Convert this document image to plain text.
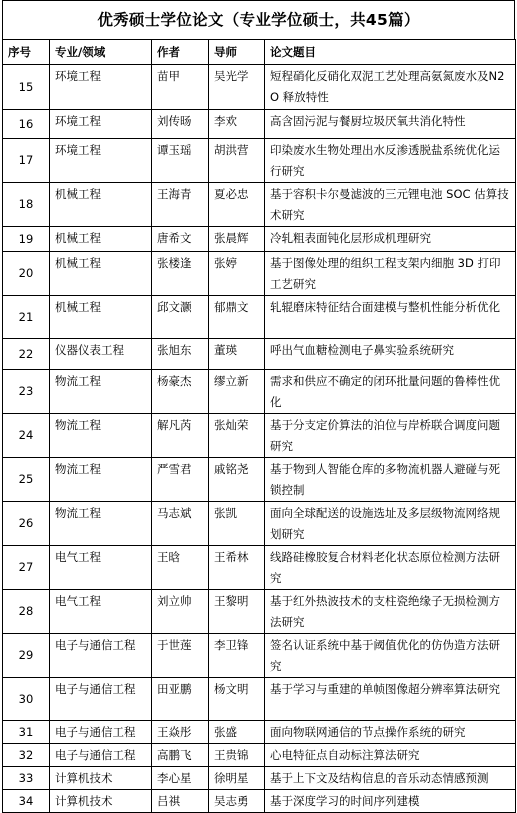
优秀硕士学位论文（专业学位硕士，共45篇）
序号	专业/领域	作者	导师	论文题目
15	环境工程	苗甲	吴光学	短程硝化反硝化双泥工艺处理高氨氮废水及N2O 释放特性
16	环境工程	刘传旸	李欢	高含固污泥与餐厨垃圾厌氧共消化特性
17	环境工程	谭玉瑶	胡洪营	印染废水生物处理出水反渗透脱盐系统优化运行研究
18	机械工程	王海青	夏必忠	基于容积卡尔曼滤波的三元锂电池 SOC 估算技术研究
19	机械工程	唐希文	张晨辉	冷轧粗表面钝化层形成机理研究
20	机械工程	张楼逢	张婷	基于图像处理的组织工程支架内细胞 3D 打印工艺研究
21	机械工程	邱文灏	郁鼎文	轧辊磨床特征结合面建模与整机性能分析优化
22	仪器仪表工程	张旭东	董瑛	呼出气血糖检测电子鼻实验系统研究
23	物流工程	杨豪杰	缪立新	需求和供应不确定的闭环批量问题的鲁棒性优化
24	物流工程	解凡芮	张灿荣	基于分支定价算法的泊位与岸桥联合调度问题研究
25	物流工程	严雪君	戚铭尧	基于物到人智能仓库的多物流机器人避碰与死锁控制
26	物流工程	马志斌	张凯	面向全球配送的设施选址及多层级物流网络规划研究
27	电气工程	王晗	王希林	线路硅橡胶复合材料老化状态原位检测方法研究
28	电气工程	刘立帅	王黎明	基于红外热波技术的支柱瓷绝缘子无损检测方法研究
29	电子与通信工程	于世莲	李卫锋	签名认证系统中基于阈值优化的仿伪造方法研究
30	电子与通信工程	田亚鹏	杨文明	基于学习与重建的单帧图像超分辨率算法研究
31	电子与通信工程	王焱彤	张盛	面向物联网通信的节点操作系统的研究
32	电子与通信工程	高鹏飞	王贵锦	心电特征点自动标注算法研究
33	计算机技术	李心星	徐明星	基于上下文及结构信息的音乐动态情感预测
34	计算机技术	吕祺	吴志勇	基于深度学习的时间序列建模
